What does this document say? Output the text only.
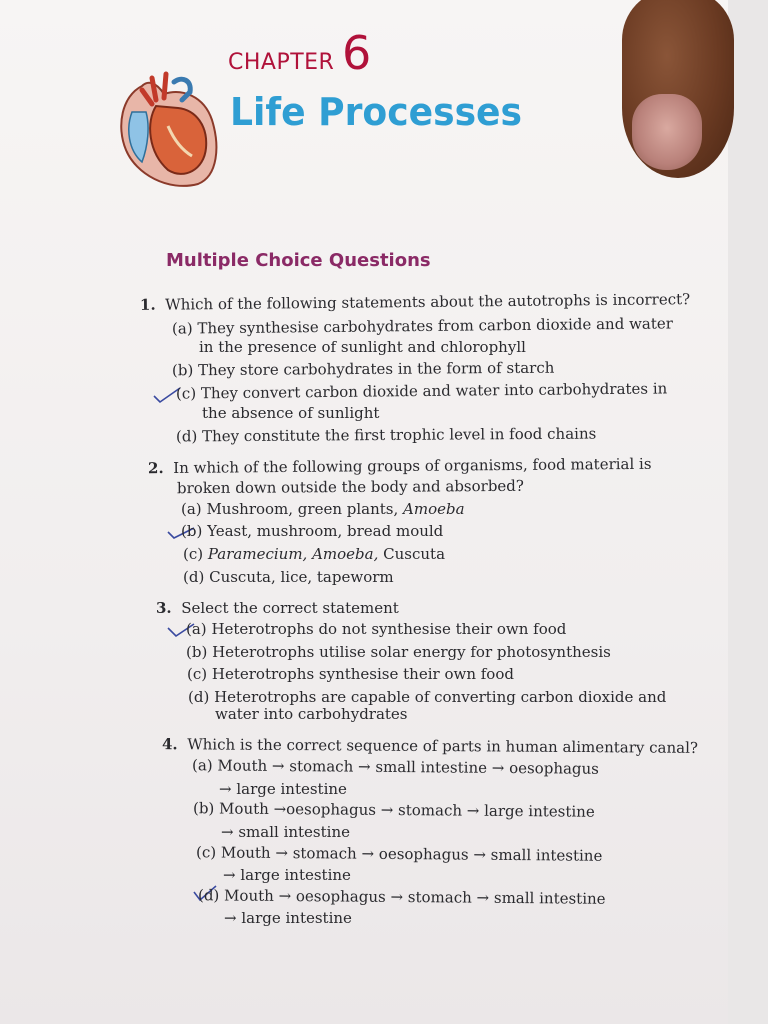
CHAPTER 6
Life Processes
Multiple Choice Questions
1. Which of the following statements about the autotrophs is incorrect?
(a) They synthesise carbohydrates from carbon dioxide and water
in the presence of sunlight and chlorophyll
(b) They store carbohydrates in the form of starch
(c) They convert carbon dioxide and water into carbohydrates in
the absence of sunlight
(d) They constitute the first trophic level in food chains
2. In which of the following groups of organisms, food material is
broken down outside the body and absorbed?
(a) Mushroom, green plants, Amoeba
(b) Yeast, mushroom, bread mould
(c) Paramecium, Amoeba, Cuscuta
(d) Cuscuta, lice, tapeworm
3. Select the correct statement
(a) Heterotrophs do not synthesise their own food
(b) Heterotrophs utilise solar energy for photosynthesis
(c) Heterotrophs synthesise their own food
(d) Heterotrophs are capable of converting carbon dioxide and
water into carbohydrates
4. Which is the correct sequence of parts in human alimentary canal?
(a) Mouth → stomach → small intestine → oesophagus
→ large intestine
(b) Mouth →oesophagus → stomach → large intestine
→ small intestine
(c) Mouth → stomach → oesophagus → small intestine
→ large intestine
(d) Mouth → oesophagus → stomach → small intestine
→ large intestine
